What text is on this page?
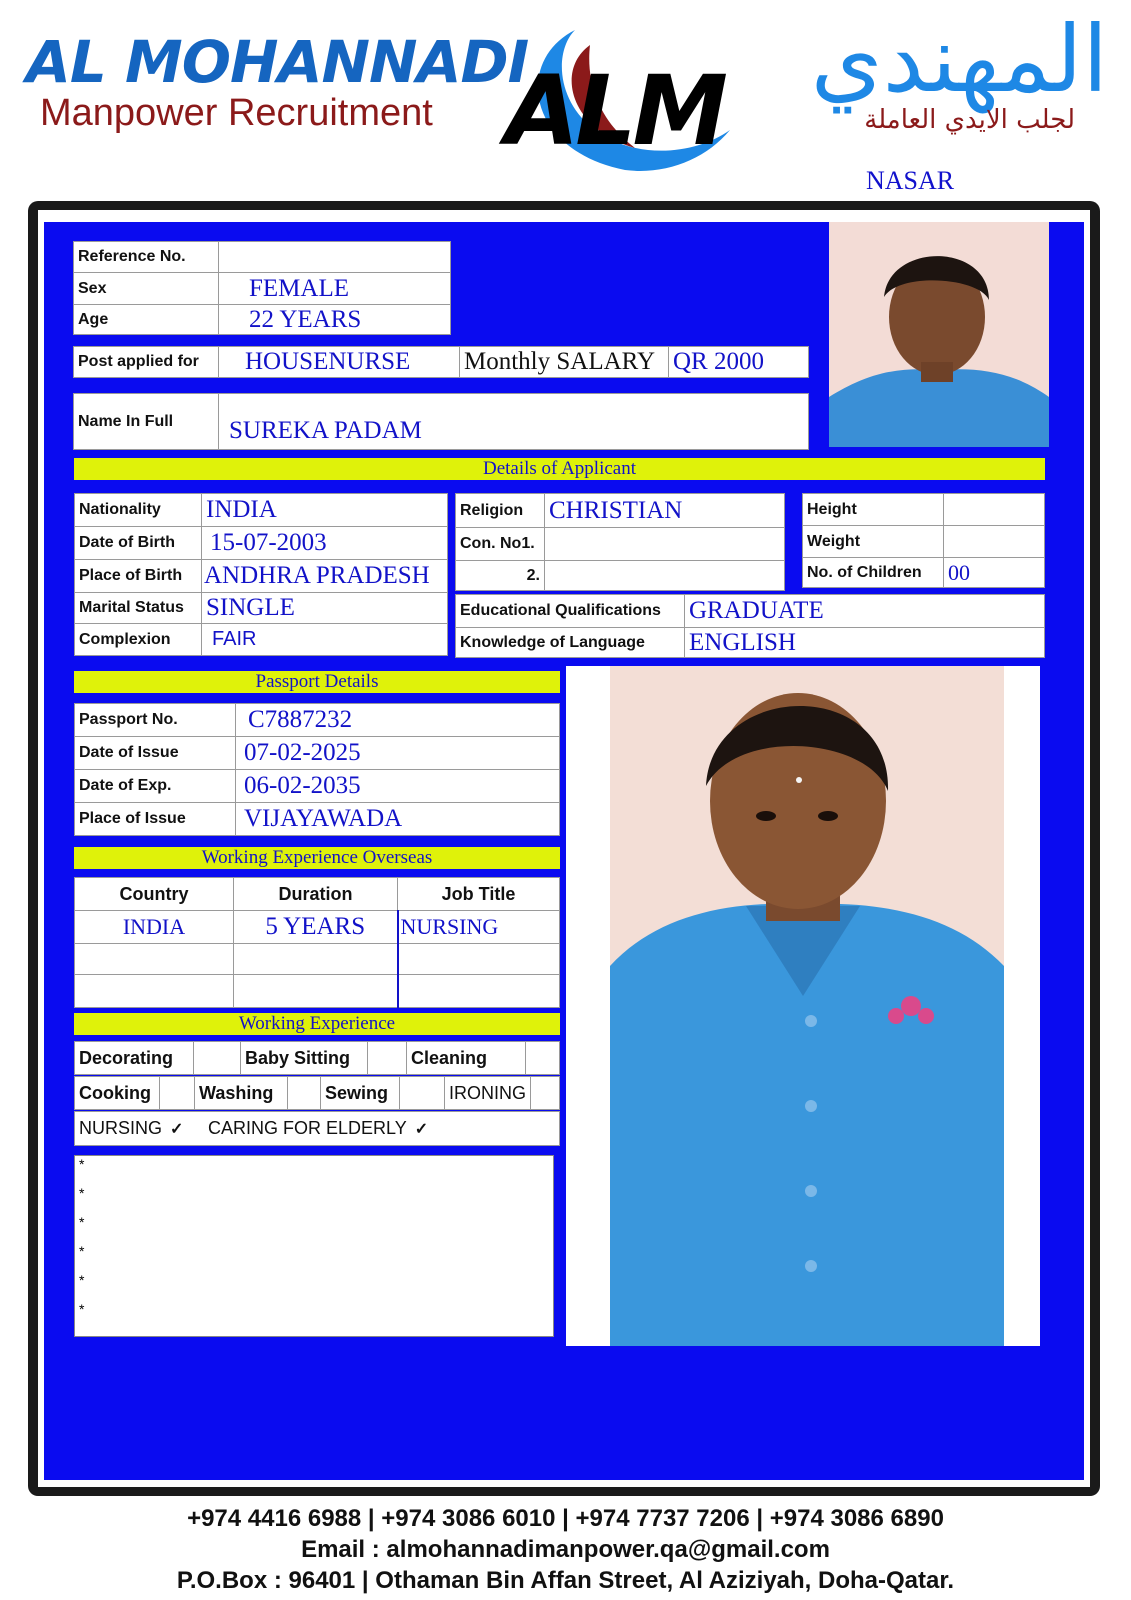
AL MOHANNADI
Manpower Recruitment ALM المهندي
لجلب الايدي العاملة
NASAR
Reference No.	
Sex	FEMALE
Age	22 YEARS
Post applied for	HOUSENURSE	Monthly SALARY	QR 2000
Name In Full	SUREKA PADAM
Details of Applicant
Nationality	INDIA
Date of Birth	15-07-2003
Place of Birth	ANDHRA PRADESH
Marital Status	SINGLE
Complexion	FAIR
Religion	CHRISTIAN
Con. No1.	
2.	
Height	
Weight	
No. of Children	00
Educational Qualifications	GRADUATE
Knowledge of Language	ENGLISH
Passport Details
Passport No.	C7887232
Date of Issue	07-02-2025
Date of Exp.	06-02-2035
Place of Issue	VIJAYAWADA
Working Experience Overseas
Country	Duration	Job Title
INDIA	5 YEARS	NURSING

Working Experience
Decorating		Baby Sitting		Cleaning	
Cooking		Washing		Sewing		IRONING	
NURSING	✓	CARING FOR ELDERLY	✓
*
*
*
*
*
*
+974 4416 6988 | +974 3086 6010 | +974 7737 7206 | +974 3086 6890
Email : almohannadimanpower.qa@gmail.com
P.O.Box : 96401 | Othaman Bin Affan Street, Al Aziziyah, Doha-Qatar.
